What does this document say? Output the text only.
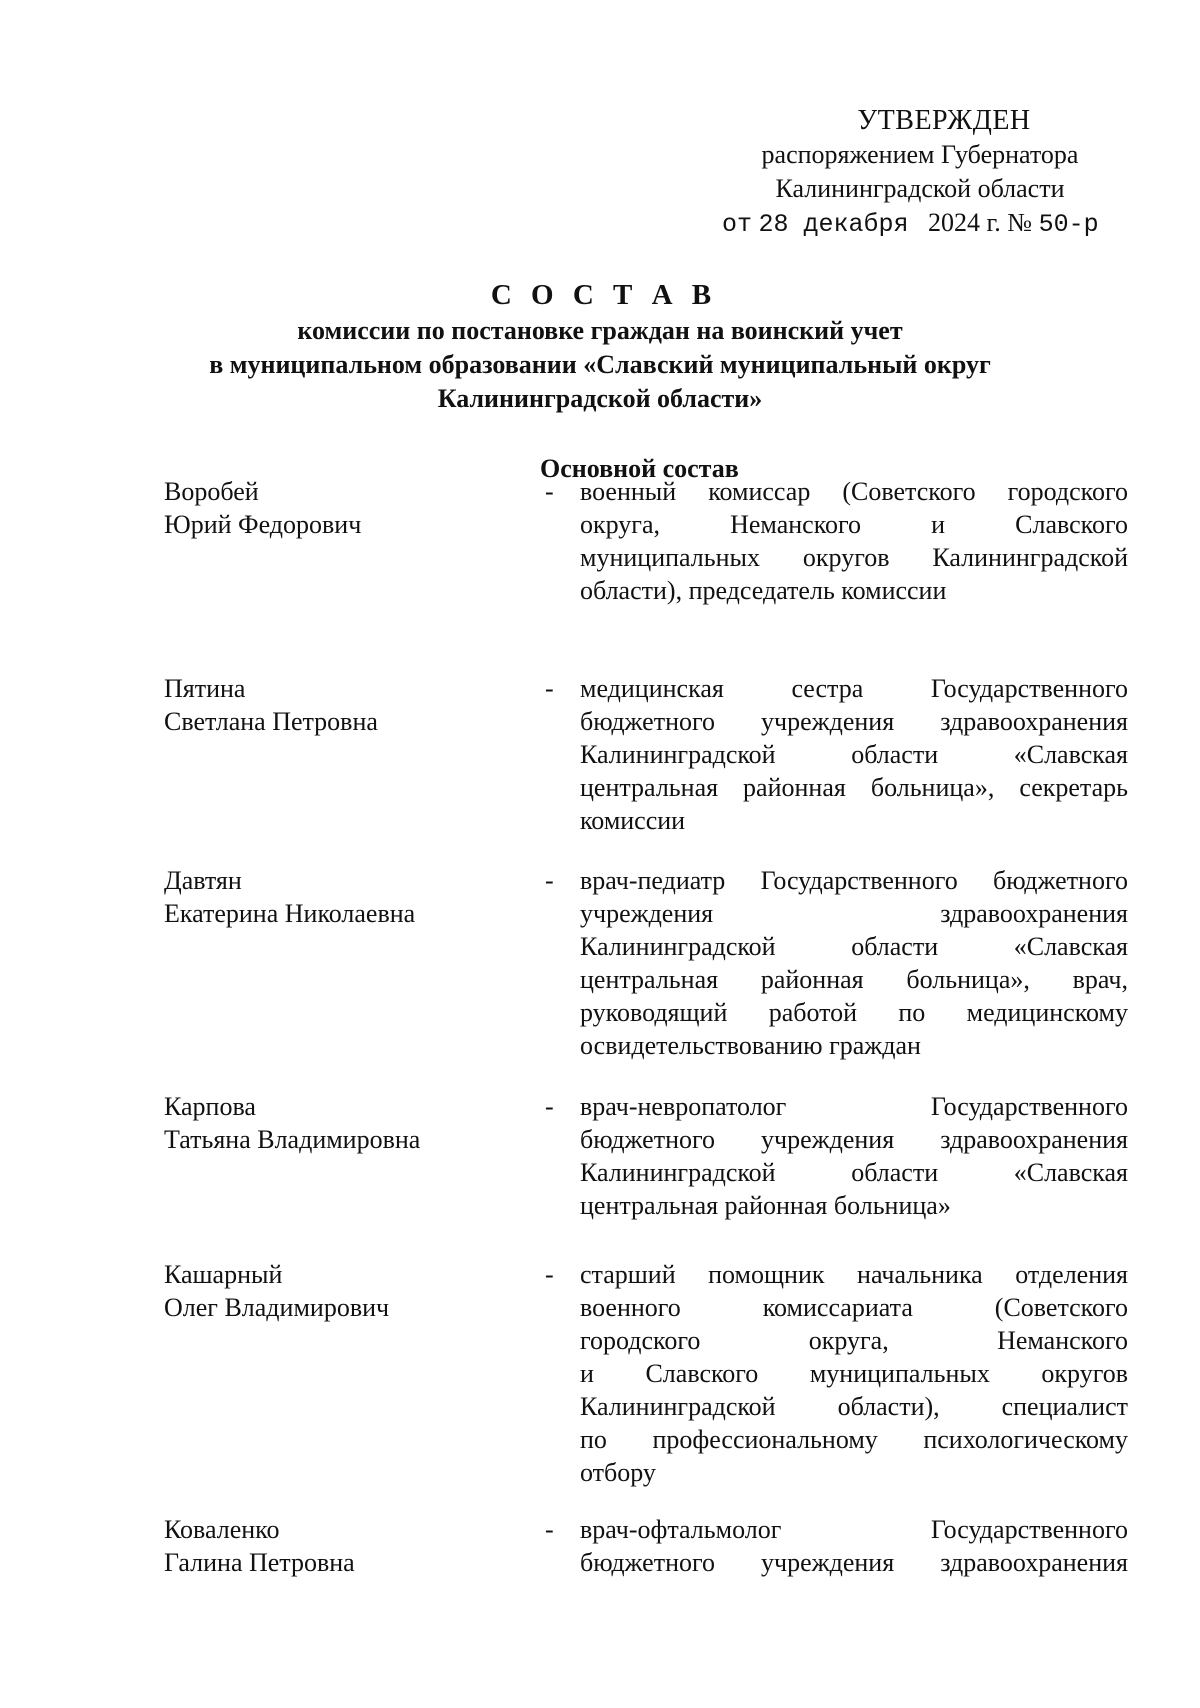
УТВЕРЖДЕН
распоряжением Губернатора
Калининградской области
от 28 декабря 2024 г. № 50-р
С О С Т А В
комиссии по постановке граждан на воинский учет
в муниципальном образовании «Славский муниципальный округ
Калининградской области»
Основной состав
Воробей
Юрий Федорович
- военный комиссар (Советского городского
округа, Неманского и Славского
муниципальных округов Калининградской
области), председатель комиссии
Пятина
Светлана Петровна
- медицинская сестра Государственного
бюджетного учреждения здравоохранения
Калининградской области «Славская
центральная районная больница», секретарь
комиссии
Давтян
Екатерина Николаевна
- врач-педиатр Государственного бюджетного
учреждения здравоохранения
Калининградской области «Славская
центральная районная больница», врач,
руководящий работой по медицинскому
освидетельствованию граждан
Карпова
Татьяна Владимировна
- врач-невропатолог Государственного
бюджетного учреждения здравоохранения
Калининградской области «Славская
центральная районная больница»
Кашарный
Олег Владимирович
- старший помощник начальника отделения
военного комиссариата (Советского
городского округа, Неманского
и Славского муниципальных округов
Калининградской области), специалист
по профессиональному психологическому
отбору
Коваленко
Галина Петровна
- врач-офтальмолог Государственного
бюджетного учреждения здравоохранения
